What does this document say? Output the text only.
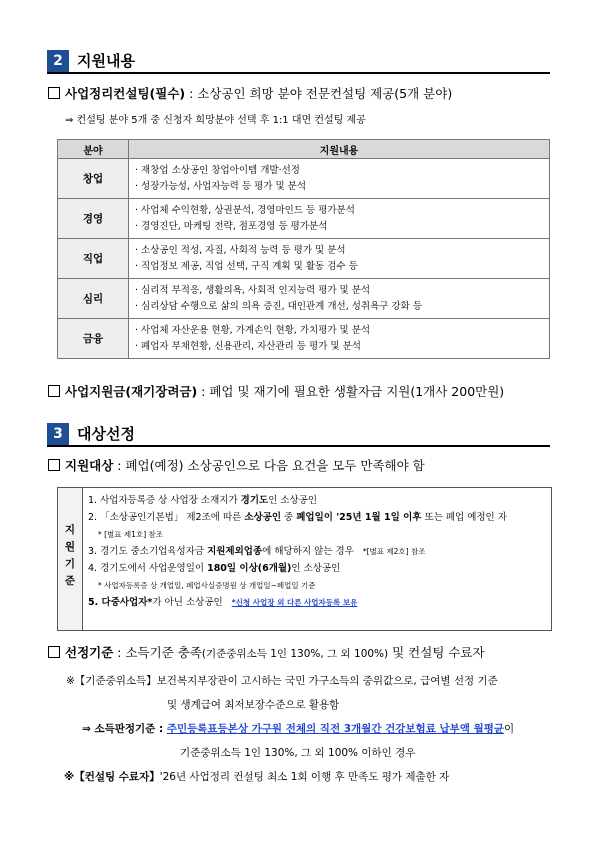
2 지원내용
사업정리컨설팅(필수) : 소상공인 희망 분야 전문컨설팅 제공(5개 분야)
⇒ 컨설팅 분야 5개 중 신청자 희망분야 선택 후 1:1 대면 컨설팅 제공
분야	지원내용
창업	· 재창업 소상공인 창업아이템 개발·선정
· 성장가능성, 사업자능력 등 평가 및 분석

경영	· 사업체 수익현황, 상권분석, 경영마인드 등 평가분석
· 경영진단, 마케팅 전략, 점포경영 등 평가분석

직업	· 소상공인 적성, 자질, 사회적 능력 등 평가 및 분석
· 직업정보 제공, 직업 선택, 구직 계획 및 활동 검수 등

심리	· 심리적 부적응, 생활의욕, 사회적 인지능력 평가 및 분석
· 심리상담 수행으로 삶의 의욕 증진, 대인관계 개선, 성취욕구 강화 등

금융	· 사업체 자산운용 현황, 가계손익 현황, 가치평가 및 분석
· 폐업자 부채현황, 신용관리, 자산관리 등 평가 및 분석
사업지원금(재기장려금) : 폐업 및 재기에 필요한 생활자금 지원(1개사 200만원)
3 대상선정
지원대상 : 폐업(예정) 소상공인으로 다음 요건을 모두 만족해야 함
지
원
기
준
1. 사업자등록증 상 사업장 소재지가 경기도인 소상공인
2. 「소상공인기본법」 제2조에 따른 소상공인 중 폐업일이 '25년 1월 1일 이후 또는 폐업 예정인 자
* [별표 제1호] 참조
3. 경기도 중소기업육성자금 지원제외업종에 해당하지 않는 경우 *[별표 제2호] 참조
4. 경기도에서 사업운영일이 180일 이상(6개월)인 소상공인
* 사업자등록증 상 개업일, 폐업사실증명원 상 개업일~폐업일 기준
5. 다중사업자*가 아닌 소상공인 *신청 사업장 외 다른 사업자등록 보유
선정기준 : 소득기준 충족(기준중위소득 1인 130%, 그 외 100%) 및 컨설팅 수료자
※【기준중위소득】보건복지부장관이 고시하는 국민 가구소득의 중위값으로, 급여별 선정 기준
및 생계급여 최저보장수준으로 활용함
⇒ 소득판정기준 : 주민등록표등본상 가구원 전체의 직전 3개월간 건강보험료 납부액 월평균이
기준중위소득 1인 130%, 그 외 100% 이하인 경우
※【컨설팅 수료자】'26년 사업정리 컨설팅 최소 1회 이행 후 만족도 평가 제출한 자
